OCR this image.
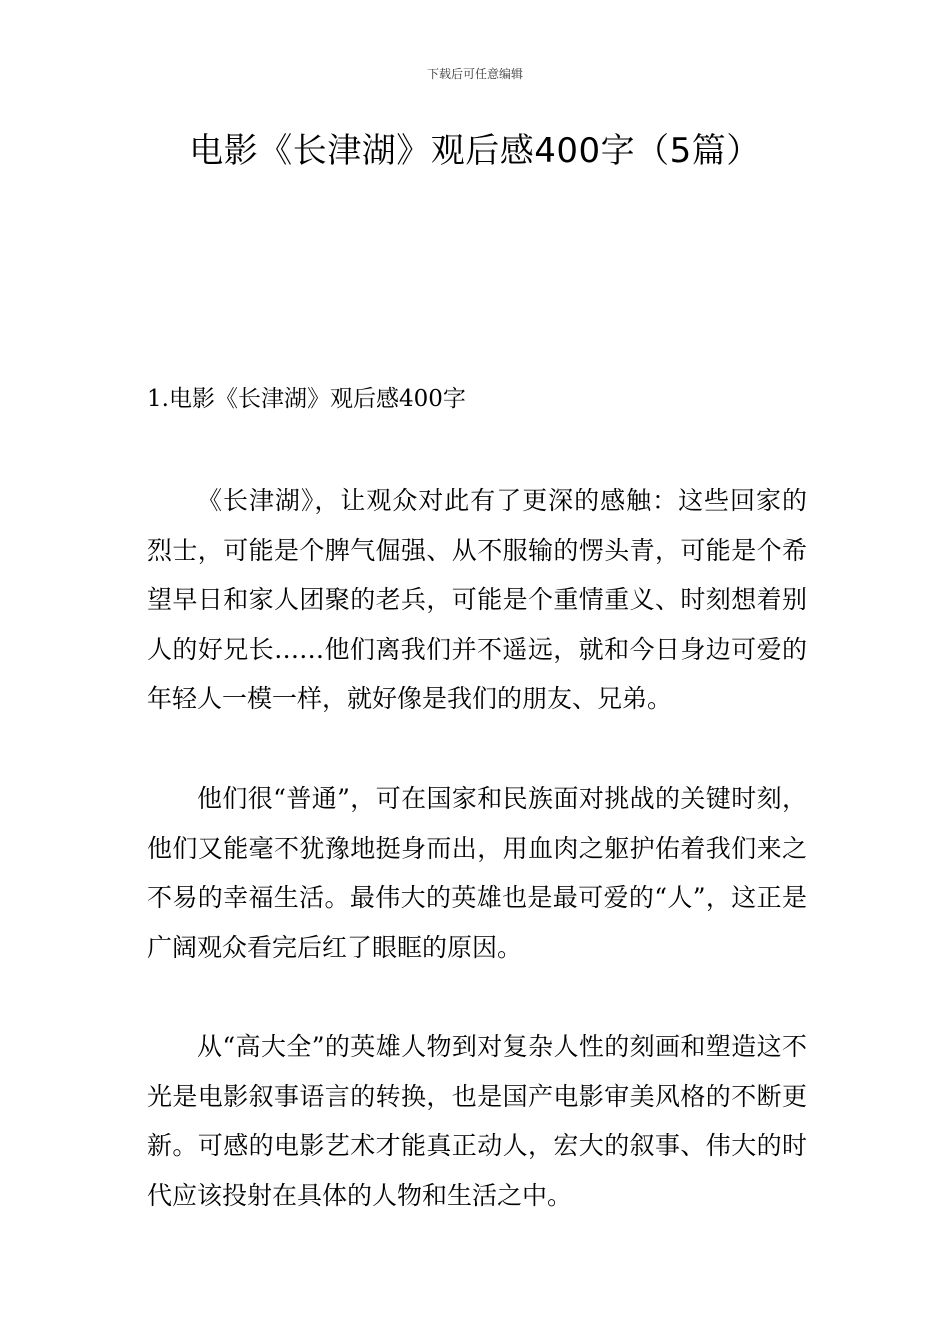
下载后可任意编辑
电影《长津湖》观后感400字（5篇）
1.电影《长津湖》观后感400字

《长津湖》，让观众对此有了更深的感触：这些回家的烈士，可能是个脾气倔强、从不服输的愣头青，可能是个希望早日和家人团聚的老兵，可能是个重情重义、时刻想着别人的好兄长……他们离我们并不遥远，就和今日身边可爱的年轻人一模一样，就好像是我们的朋友、兄弟。

他们很“普通”，可在国家和民族面对挑战的关键时刻，他们又能毫不犹豫地挺身而出，用血肉之躯护佑着我们来之不易的幸福生活。最伟大的英雄也是最可爱的“人”，这正是广阔观众看完后红了眼眶的原因。

从“高大全”的英雄人物到对复杂人性的刻画和塑造这不光是电影叙事语言的转换，也是国产电影审美风格的不断更新。可感的电影艺术才能真正动人，宏大的叙事、伟大的时代应该投射在具体的人物和生活之中。
